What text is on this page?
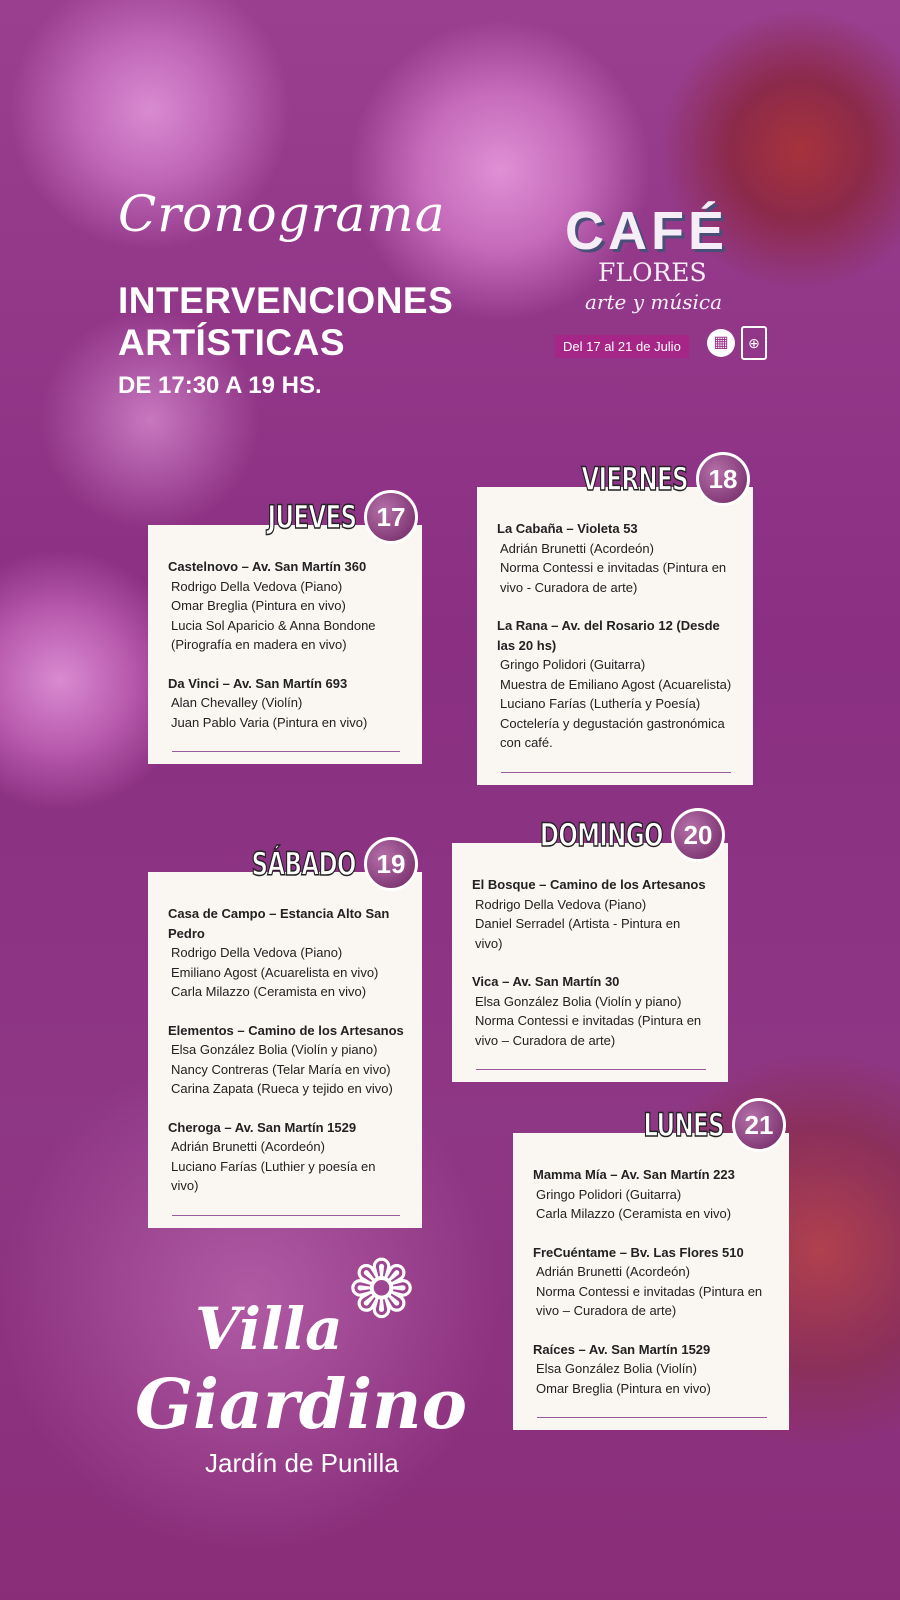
Cronograma
INTERVENCIONES
ARTÍSTICAS
DE 17:30 A 19 HS.
CAFÉ
FLORES
arte y música
Del 17 al 21 de Julio	▦	⊕
Castelnovo – Av. San Martín 360
Rodrigo Della Vedova (Piano)
Omar Breglia (Pintura en vivo)
Lucia Sol Aparicio & Anna Bondone (Pirografía en madera en vivo)
Da Vinci – Av. San Martín 693
Alan Chevalley (Violín)
Juan Pablo Varia (Pintura en vivo)
JUEVES 17	La Cabaña – Violeta 53
Adrián Brunetti (Acordeón)
Norma Contessi e invitadas (Pintura en vivo - Curadora de arte)
La Rana – Av. del Rosario 12 (Desde las 20 hs)
Gringo Polidori (Guitarra)
Muestra de Emiliano Agost (Acuarelista)
Luciano Farías (Luthería y Poesía)
Coctelería y degustación gastronómica con café.
VIERNES 18
Casa de Campo – Estancia Alto San Pedro
Rodrigo Della Vedova (Piano)
Emiliano Agost (Acuarelista en vivo)
Carla Milazzo (Ceramista en vivo)
Elementos – Camino de los Artesanos
Elsa González Bolia (Violín y piano)
Nancy Contreras (Telar María en vivo)
Carina Zapata (Rueca y tejido en vivo)
Cheroga – Av. San Martín 1529
Adrián Brunetti (Acordeón)
Luciano Farías (Luthier y poesía en vivo)
SÁBADO 19
El Bosque – Camino de los Artesanos
Rodrigo Della Vedova (Piano)
Daniel Serradel (Artista - Pintura en vivo)
Vica – Av. San Martín 30
Elsa González Bolia (Violín y piano)
Norma Contessi e invitadas (Pintura en vivo – Curadora de arte)
DOMINGO 20
Mamma Mía – Av. San Martín 223
Gringo Polidori (Guitarra)
Carla Milazzo (Ceramista en vivo)
FreCuéntame – Bv. Las Flores 510
Adrián Brunetti (Acordeón)
Norma Contessi e invitadas (Pintura en vivo – Curadora de arte)
Raíces – Av. San Martín 1529
Elsa González Bolia (Violín)
Omar Breglia (Pintura en vivo)
LUNES 21
❁
Villa
Giardino
Jardín de Punilla
